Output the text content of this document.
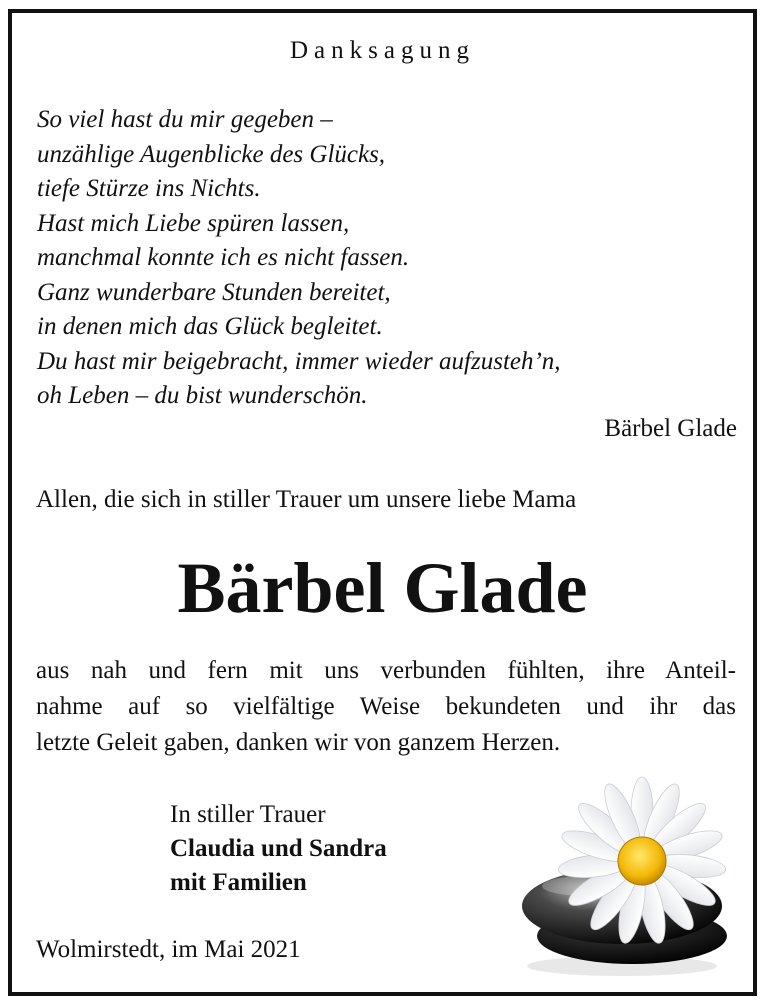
Danksagung
So viel hast du mir gegeben –
unzählige Augenblicke des Glücks,
tiefe Stürze ins Nichts.
Hast mich Liebe spüren lassen,
manchmal konnte ich es nicht fassen.
Ganz wunderbare Stunden bereitet,
in denen mich das Glück begleitet.
Du hast mir beigebracht, immer wieder aufzusteh’n,
oh Leben – du bist wunderschön.
Bärbel Glade
Allen, die sich in stiller Trauer um unsere liebe Mama
Bärbel Glade
aus nah und fern mit uns verbunden fühlten, ihre Anteil-
nahme auf so vielfältige Weise bekundeten und ihr das
letzte Geleit gaben, danken wir von ganzem Herzen.
In stiller Trauer
Claudia und Sandra
mit Familien
Wolmirstedt, im Mai 2021
